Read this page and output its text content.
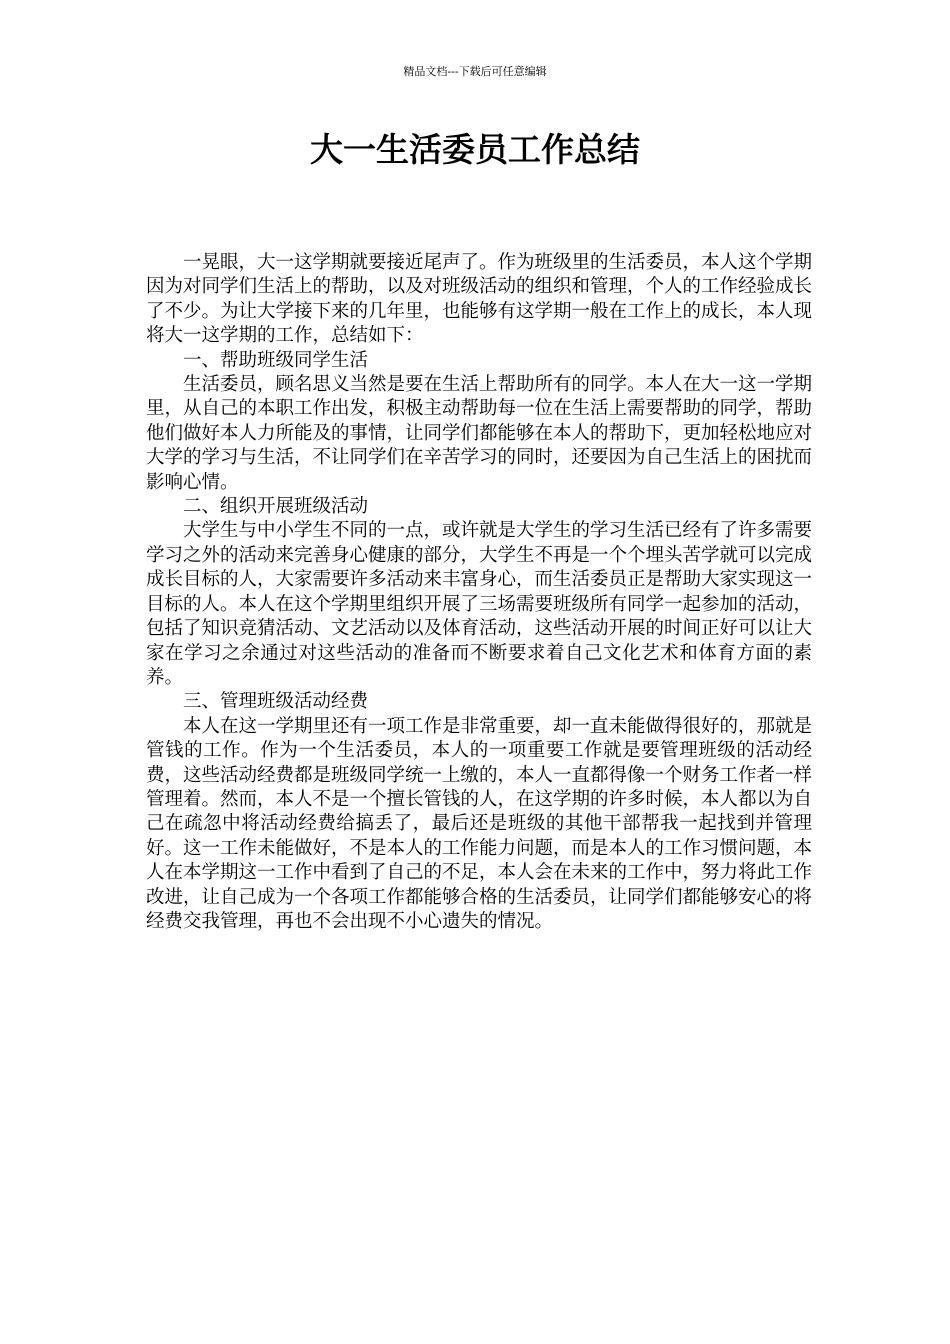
精品文档---下载后可任意编辑
大一生活委员工作总结

一晃眼，大一这学期就要接近尾声了。作为班级里的生活委员，本人这个学期因为对同学们生活上的帮助，以及对班级活动的组织和管理，个人的工作经验成长了不少。为让大学接下来的几年里，也能够有这学期一般在工作上的成长，本人现将大一这学期的工作，总结如下：

一、帮助班级同学生活

生活委员，顾名思义当然是要在生活上帮助所有的同学。本人在大一这一学期里，从自己的本职工作出发，积极主动帮助每一位在生活上需要帮助的同学，帮助他们做好本人力所能及的事情，让同学们都能够在本人的帮助下，更加轻松地应对大学的学习与生活，不让同学们在辛苦学习的同时，还要因为自己生活上的困扰而影响心情。

二、组织开展班级活动

大学生与中小学生不同的一点，或许就是大学生的学习生活已经有了许多需要学习之外的活动来完善身心健康的部分，大学生不再是一个个埋头苦学就可以完成成长目标的人，大家需要许多活动来丰富身心，而生活委员正是帮助大家实现这一目标的人。本人在这个学期里组织开展了三场需要班级所有同学一起参加的活动，包括了知识竞猜活动、文艺活动以及体育活动，这些活动开展的时间正好可以让大家在学习之余通过对这些活动的准备而不断要求着自己文化艺术和体育方面的素养。

三、管理班级活动经费

本人在这一学期里还有一项工作是非常重要，却一直未能做得很好的，那就是管钱的工作。作为一个生活委员，本人的一项重要工作就是要管理班级的活动经费，这些活动经费都是班级同学统一上缴的，本人一直都得像一个财务工作者一样管理着。然而，本人不是一个擅长管钱的人，在这学期的许多时候，本人都以为自己在疏忽中将活动经费给搞丢了，最后还是班级的其他干部帮我一起找到并管理好。这一工作未能做好，不是本人的工作能力问题，而是本人的工作习惯问题，本人在本学期这一工作中看到了自己的不足，本人会在未来的工作中，努力将此工作改进，让自己成为一个各项工作都能够合格的生活委员，让同学们都能够安心的将经费交我管理，再也不会出现不小心遗失的情况。
